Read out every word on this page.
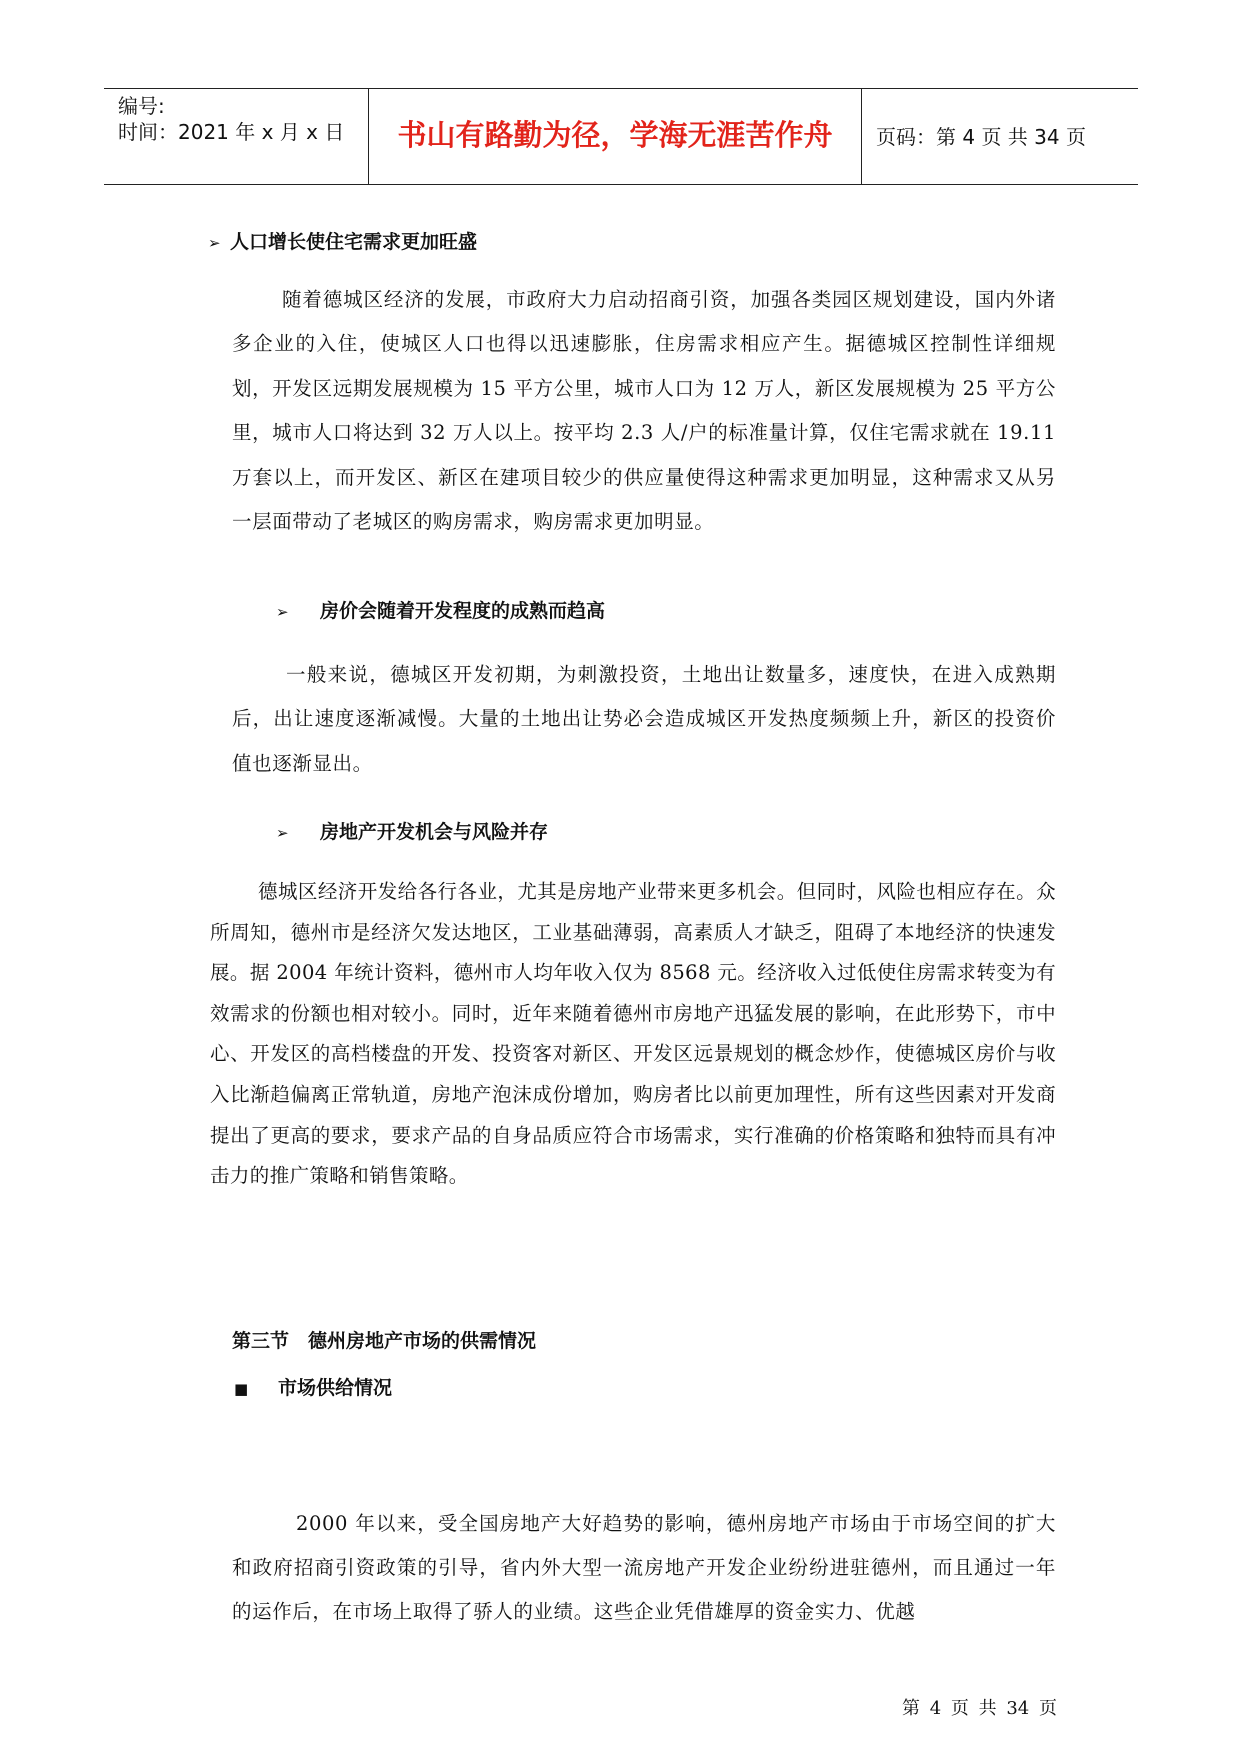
编号:
时间：2021 年 x 月 x 日	书山有路勤为径，学海无涯苦作舟	页码：第 4 页 共 34 页
➢ 人口增长使住宅需求更加旺盛

随着德城区经济的发展，市政府大力启动招商引资，加强各类园区规划建设，国内外诸多企业的入住，使城区人口也得以迅速膨胀，住房需求相应产生。据德城区控制性详细规划，开发区远期发展规模为 15 平方公里，城市人口为 12 万人，新区发展规模为 25 平方公里，城市人口将达到 32 万人以上。按平均 2.3 人/户的标准量计算，仅住宅需求就在 19.11 万套以上，而开发区、新区在建项目较少的供应量使得这种需求更加明显，这种需求又从另一层面带动了老城区的购房需求，购房需求更加明显。

➢ 房价会随着开发程度的成熟而趋高

一般来说，德城区开发初期，为刺激投资，土地出让数量多，速度快，在进入成熟期后，出让速度逐渐减慢。大量的土地出让势必会造成城区开发热度频频上升，新区的投资价值也逐渐显出。

➢ 房地产开发机会与风险并存

德城区经济开发给各行各业，尤其是房地产业带来更多机会。但同时，风险也相应存在。众所周知，德州市是经济欠发达地区，工业基础薄弱，高素质人才缺乏，阻碍了本地经济的快速发展。据 2004 年统计资料，德州市人均年收入仅为 8568 元。经济收入过低使住房需求转变为有效需求的份额也相对较小。同时，近年来随着德州市房地产迅猛发展的影响，在此形势下，市中心、开发区的高档楼盘的开发、投资客对新区、开发区远景规划的概念炒作，使德城区房价与收入比渐趋偏离正常轨道，房地产泡沫成份增加，购房者比以前更加理性，所有这些因素对开发商提出了更高的要求，要求产品的自身品质应符合市场需求，实行准确的价格策略和独特而具有冲击力的推广策略和销售策略。

第三节　德州房地产市场的供需情况
■ 市场供给情况

2000 年以来，受全国房地产大好趋势的影响，德州房地产市场由于市场空间的扩大和政府招商引资政策的引导，省内外大型一流房地产开发企业纷纷进驻德州，而且通过一年的运作后，在市场上取得了骄人的业绩。这些企业凭借雄厚的资金实力、优越

第 4 页 共 34 页
